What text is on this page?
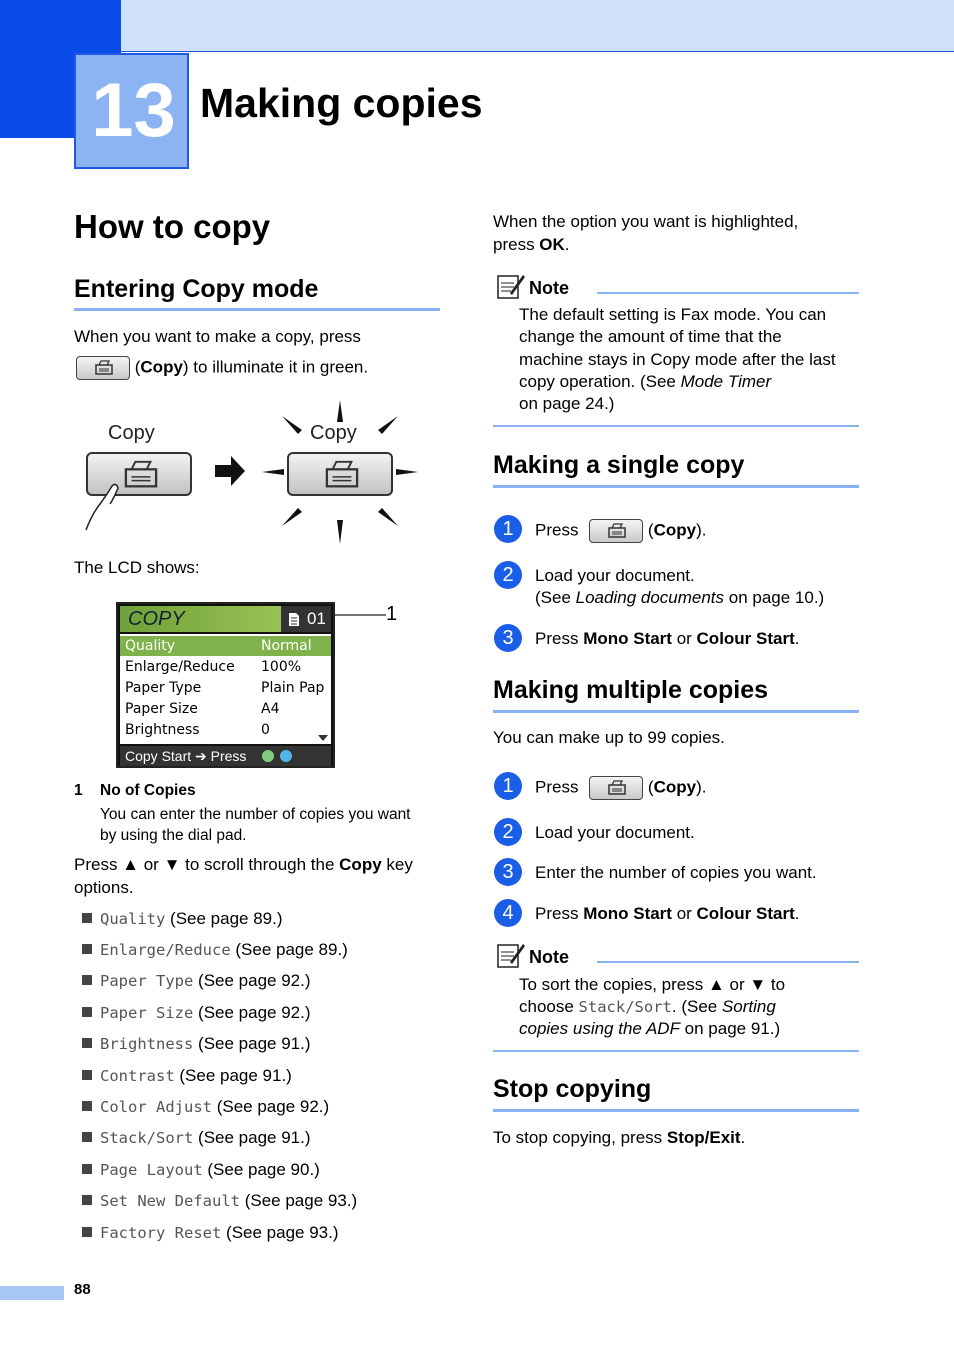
13 Making copies
How to copy
Entering Copy mode
When you want to make a copy, press
(Copy) to illuminate it in green.
Copy	Copy
The LCD shows:
COPY	01
Quality	Normal
Enlarge/Reduce 100%
Paper Type	Plain Pap
Paper Size	A4
Brightness	0
Copy Start ➔ Press
1
1 No of Copies
You can enter the number of copies you want
by using the dial pad.
Press ▲ or ▼ to scroll through the Copy key
options.
Quality (See page 89.)
Enlarge/Reduce (See page 89.)
Paper Type (See page 92.)
Paper Size (See page 92.)
Brightness (See page 91.)
Contrast (See page 91.)
Color Adjust (See page 92.)
Stack/Sort (See page 91.)
Page Layout (See page 90.)
Set New Default (See page 93.)
Factory Reset (See page 93.)
When the option you want is highlighted,
press OK.
Note
The default setting is Fax mode. You can
change the amount of time that the
machine stays in Copy mode after the last
copy operation. (See Mode Timer
on page 24.)
Making a single copy
1	Press	(Copy).
2	Load your document.
(See Loading documents on page 10.)
3	Press Mono Start or Colour Start.
Making multiple copies
You can make up to 99 copies.
1	Press	(Copy).
2	Load your document.
3	Enter the number of copies you want.
4	Press Mono Start or Colour Start.
Note
To sort the copies, press ▲ or ▼ to
choose Stack/Sort. (See Sorting
copies using the ADF on page 91.)
Stop copying
To stop copying, press Stop/Exit.
88
